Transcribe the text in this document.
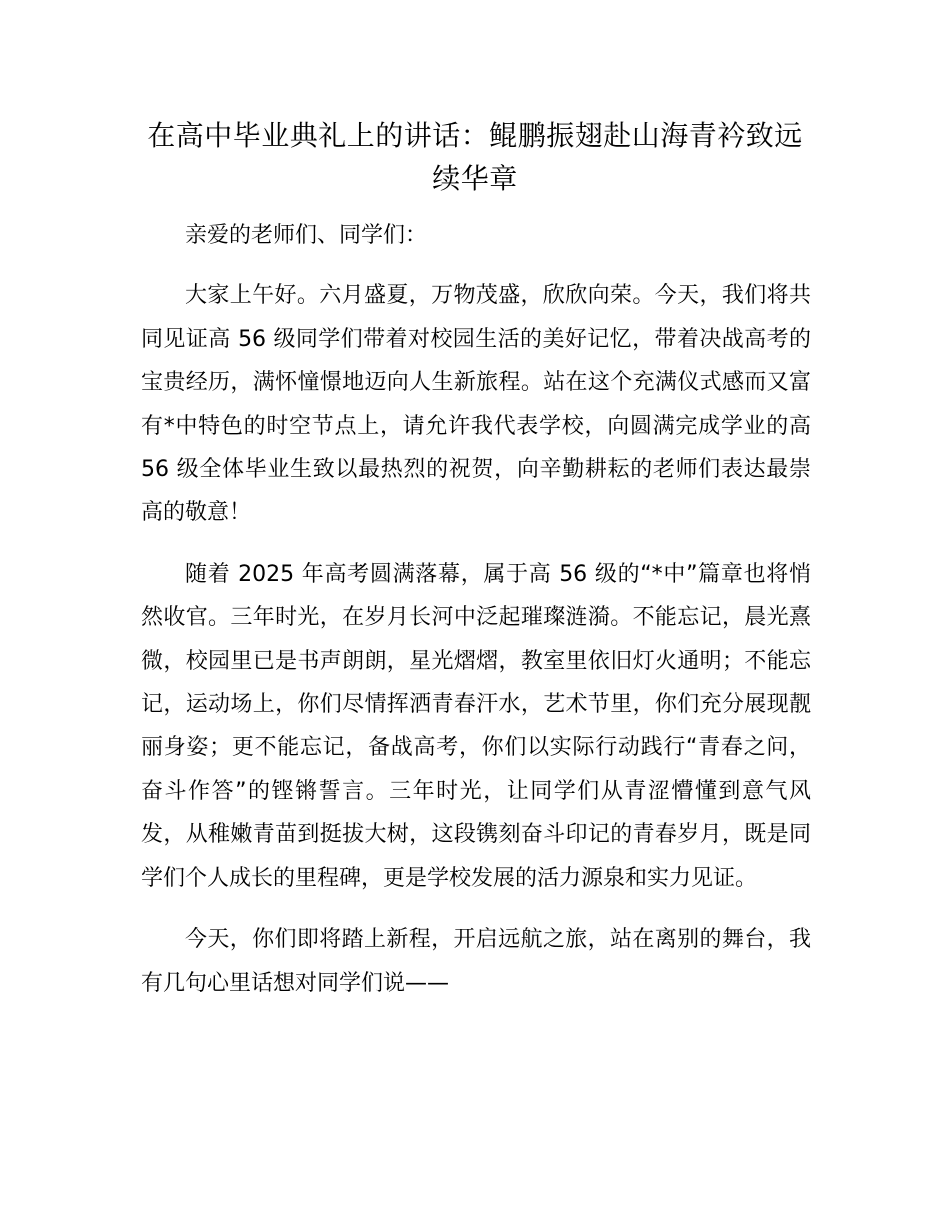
在高中毕业典礼上的讲话：鲲鹏振翅赴山海青衿致远续华章

亲爱的老师们、同学们：

大家上午好。六月盛夏，万物茂盛，欣欣向荣。今天，我们将共同见证高 56 级同学们带着对校园生活的美好记忆，带着决战高考的宝贵经历，满怀憧憬地迈向人生新旅程。站在这个充满仪式感而又富有*中特色的时空节点上，请允许我代表学校，向圆满完成学业的高 56 级全体毕业生致以最热烈的祝贺，向辛勤耕耘的老师们表达最崇高的敬意！

随着 2025 年高考圆满落幕，属于高 56 级的“*中”篇章也将悄然收官。三年时光，在岁月长河中泛起璀璨涟漪。不能忘记，晨光熹微，校园里已是书声朗朗，星光熠熠，教室里依旧灯火通明；不能忘记，运动场上，你们尽情挥洒青春汗水，艺术节里，你们充分展现靓丽身姿；更不能忘记，备战高考，你们以实际行动践行“青春之问，奋斗作答”的铿锵誓言。三年时光，让同学们从青涩懵懂到意气风发，从稚嫩青苗到挺拔大树，这段镌刻奋斗印记的青春岁月，既是同学们个人成长的里程碑，更是学校发展的活力源泉和实力见证。

今天，你们即将踏上新程，开启远航之旅，站在离别的舞台，我有几句心里话想对同学们说——
